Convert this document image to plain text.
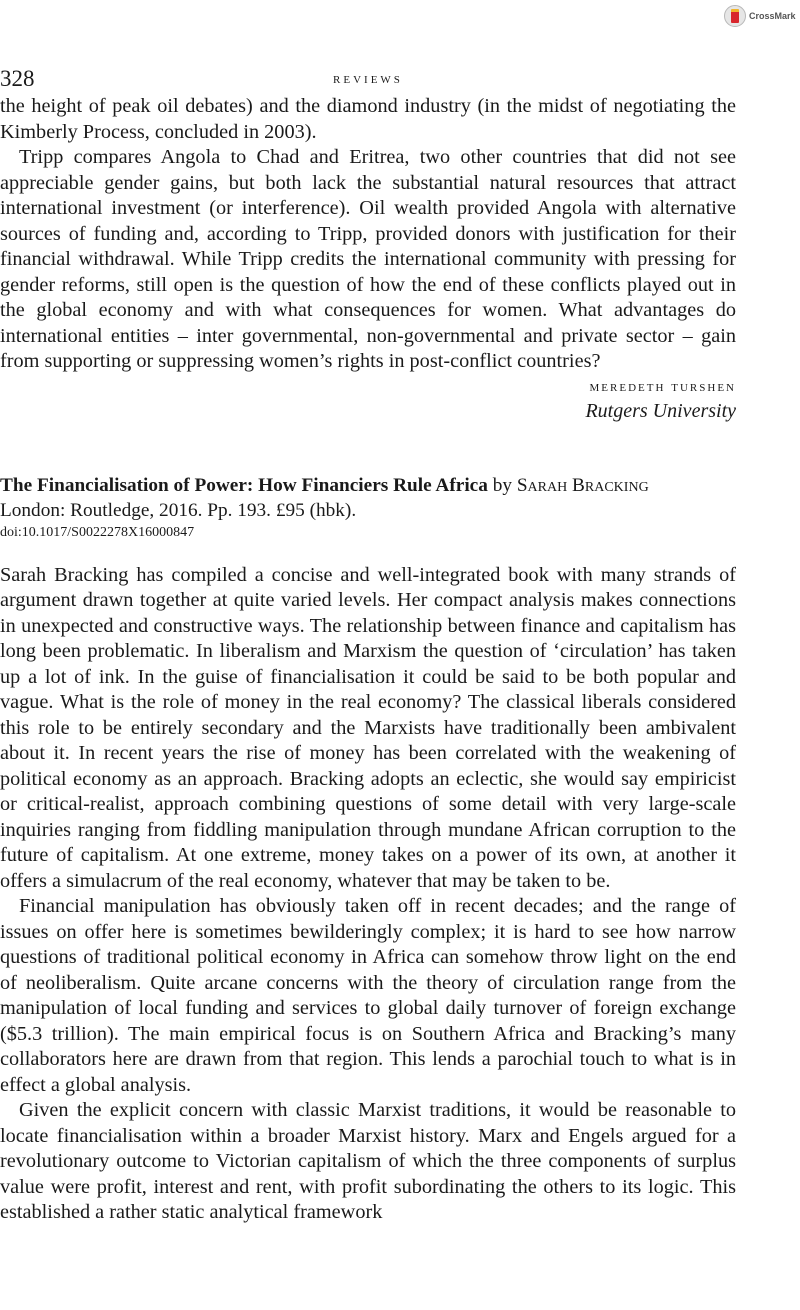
CrossMark
328	reviews

the height of peak oil debates) and the diamond industry (in the midst of negotiating the Kimberly Process, concluded in 2003).

Tripp compares Angola to Chad and Eritrea, two other countries that did not see appreciable gender gains, but both lack the substantial natural resources that attract international investment (or interference). Oil wealth provided Angola with alternative sources of funding and, according to Tripp, provided donors with justification for their financial withdrawal. While Tripp credits the international community with pressing for gender reforms, still open is the question of how the end of these conflicts played out in the global economy and with what consequences for women. What advantages do international entities – inter governmental, non-governmental and private sector – gain from supporting or suppressing women’s rights in post-conflict countries?

meredeth turshen
Rutgers University
The Financialisation of Power: How Financiers Rule Africa by Sarah Bracking
London: Routledge, 2016. Pp. 193. £95 (hbk).
doi:10.1017/S0022278X16000847

Sarah Bracking has compiled a concise and well-integrated book with many strands of argument drawn together at quite varied levels. Her compact analysis makes connections in unexpected and constructive ways. The relationship between finance and capitalism has long been problematic. In liberalism and Marxism the question of ‘circulation’ has taken up a lot of ink. In the guise of financialisation it could be said to be both popular and vague. What is the role of money in the real economy? The classical liberals considered this role to be entirely secondary and the Marxists have traditionally been ambivalent about it. In recent years the rise of money has been correlated with the weakening of political economy as an approach. Bracking adopts an eclectic, she would say empiricist or critical-realist, approach combining questions of some detail with very large-scale inquiries ranging from fiddling manipulation through mundane African corruption to the future of capitalism. At one extreme, money takes on a power of its own, at another it offers a simulacrum of the real economy, whatever that may be taken to be.

Financial manipulation has obviously taken off in recent decades; and the range of issues on offer here is sometimes bewilderingly complex; it is hard to see how narrow questions of traditional political economy in Africa can somehow throw light on the end of neoliberalism. Quite arcane concerns with the theory of circulation range from the manipulation of local funding and services to global daily turnover of foreign exchange ($5.3 trillion). The main empirical focus is on Southern Africa and Bracking’s many collaborators here are drawn from that region. This lends a parochial touch to what is in effect a global analysis.

Given the explicit concern with classic Marxist traditions, it would be reasonable to locate financialisation within a broader Marxist history. Marx and Engels argued for a revolutionary outcome to Victorian capitalism of which the three components of surplus value were profit, interest and rent, with profit subordinating the others to its logic. This established a rather static analytical framework
